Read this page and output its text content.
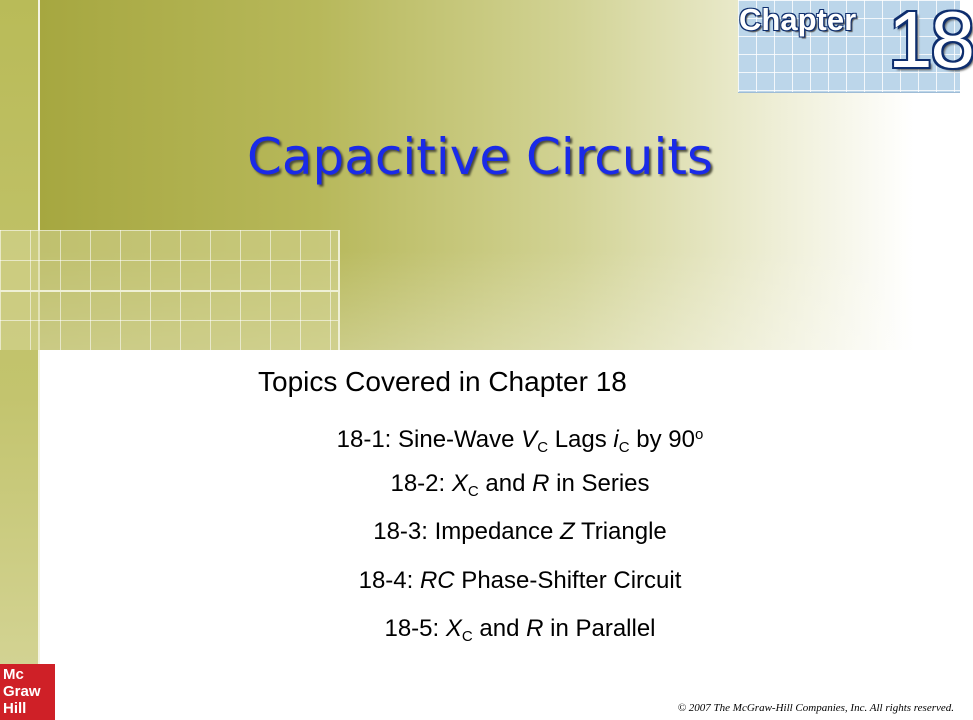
Chapter 18
Capacitive Circuits
Topics Covered in Chapter 18
18-1: Sine-Wave $V_C$ Lags $i_C$ by 90$^o$
18-2: $X_C$ and R in Series
18-3: Impedance Z Triangle
18-4: RC Phase-Shifter Circuit
18-5: $X_C$ and R in Parallel
Mc
Graw
Hill	© 2007 The McGraw-Hill Companies, Inc. All rights reserved.
